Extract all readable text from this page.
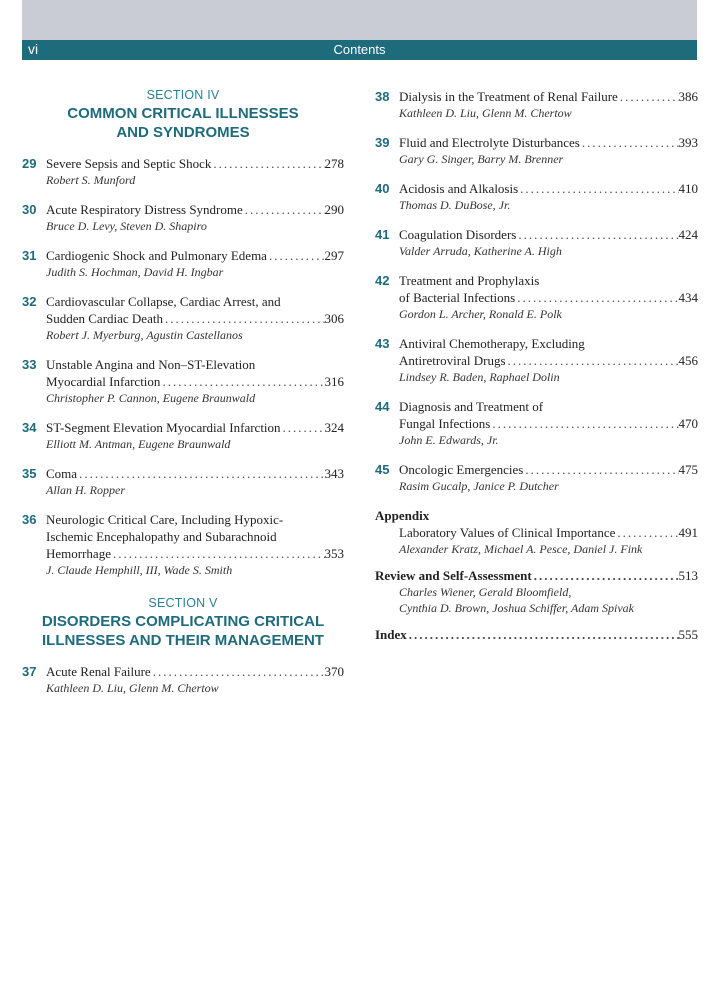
vi	Contents
SECTION IV
COMMON CRITICAL ILLNESSES
AND SYNDROMES
29 Severe Sepsis and Septic Shock .....	278
Robert S. Munford
30 Acute Respiratory Distress Syndrome .....	290
Bruce D. Levy, Steven D. Shapiro
31 Cardiogenic Shock and Pulmonary Edema .....	297
Judith S. Hochman, David H. Ingbar
32 Cardiovascular Collapse, Cardiac Arrest, and
Sudden Cardiac Death .....	306
Robert J. Myerburg, Agustin Castellanos
33 Unstable Angina and Non–ST-Elevation
Myocardial Infarction .....	316
Christopher P. Cannon, Eugene Braunwald
34 ST-Segment Elevation Myocardial Infarction .....	324
Elliott M. Antman, Eugene Braunwald
35 Coma .....	343
Allan H. Ropper
36 Neurologic Critical Care, Including Hypoxic-
Ischemic Encephalopathy and Subarachnoid
Hemorrhage .....	353
J. Claude Hemphill, III, Wade S. Smith
SECTION V
DISORDERS COMPLICATING CRITICAL
ILLNESSES AND THEIR MANAGEMENT
37 Acute Renal Failure .....	370
Kathleen D. Liu, Glenn M. Chertow
38 Dialysis in the Treatment of Renal Failure .....	386
Kathleen D. Liu, Glenn M. Chertow
39 Fluid and Electrolyte Disturbances .....	393
Gary G. Singer, Barry M. Brenner
40 Acidosis and Alkalosis .....	410
Thomas D. DuBose, Jr.
41 Coagulation Disorders .....	424
Valder Arruda, Katherine A. High
42 Treatment and Prophylaxis
of Bacterial Infections .....	434
Gordon L. Archer, Ronald E. Polk
43 Antiviral Chemotherapy, Excluding
Antiretroviral Drugs .....	456
Lindsey R. Baden, Raphael Dolin
44 Diagnosis and Treatment of
Fungal Infections .....	470
John E. Edwards, Jr.
45 Oncologic Emergencies .....	475
Rasim Gucalp, Janice P. Dutcher
Appendix
Laboratory Values of Clinical Importance .....	491
Alexander Kratz, Michael A. Pesce, Daniel J. Fink
Review and Self-Assessment .....	513
Charles Wiener, Gerald Bloomfield,
Cynthia D. Brown, Joshua Schiffer, Adam Spivak
Index .....	555
